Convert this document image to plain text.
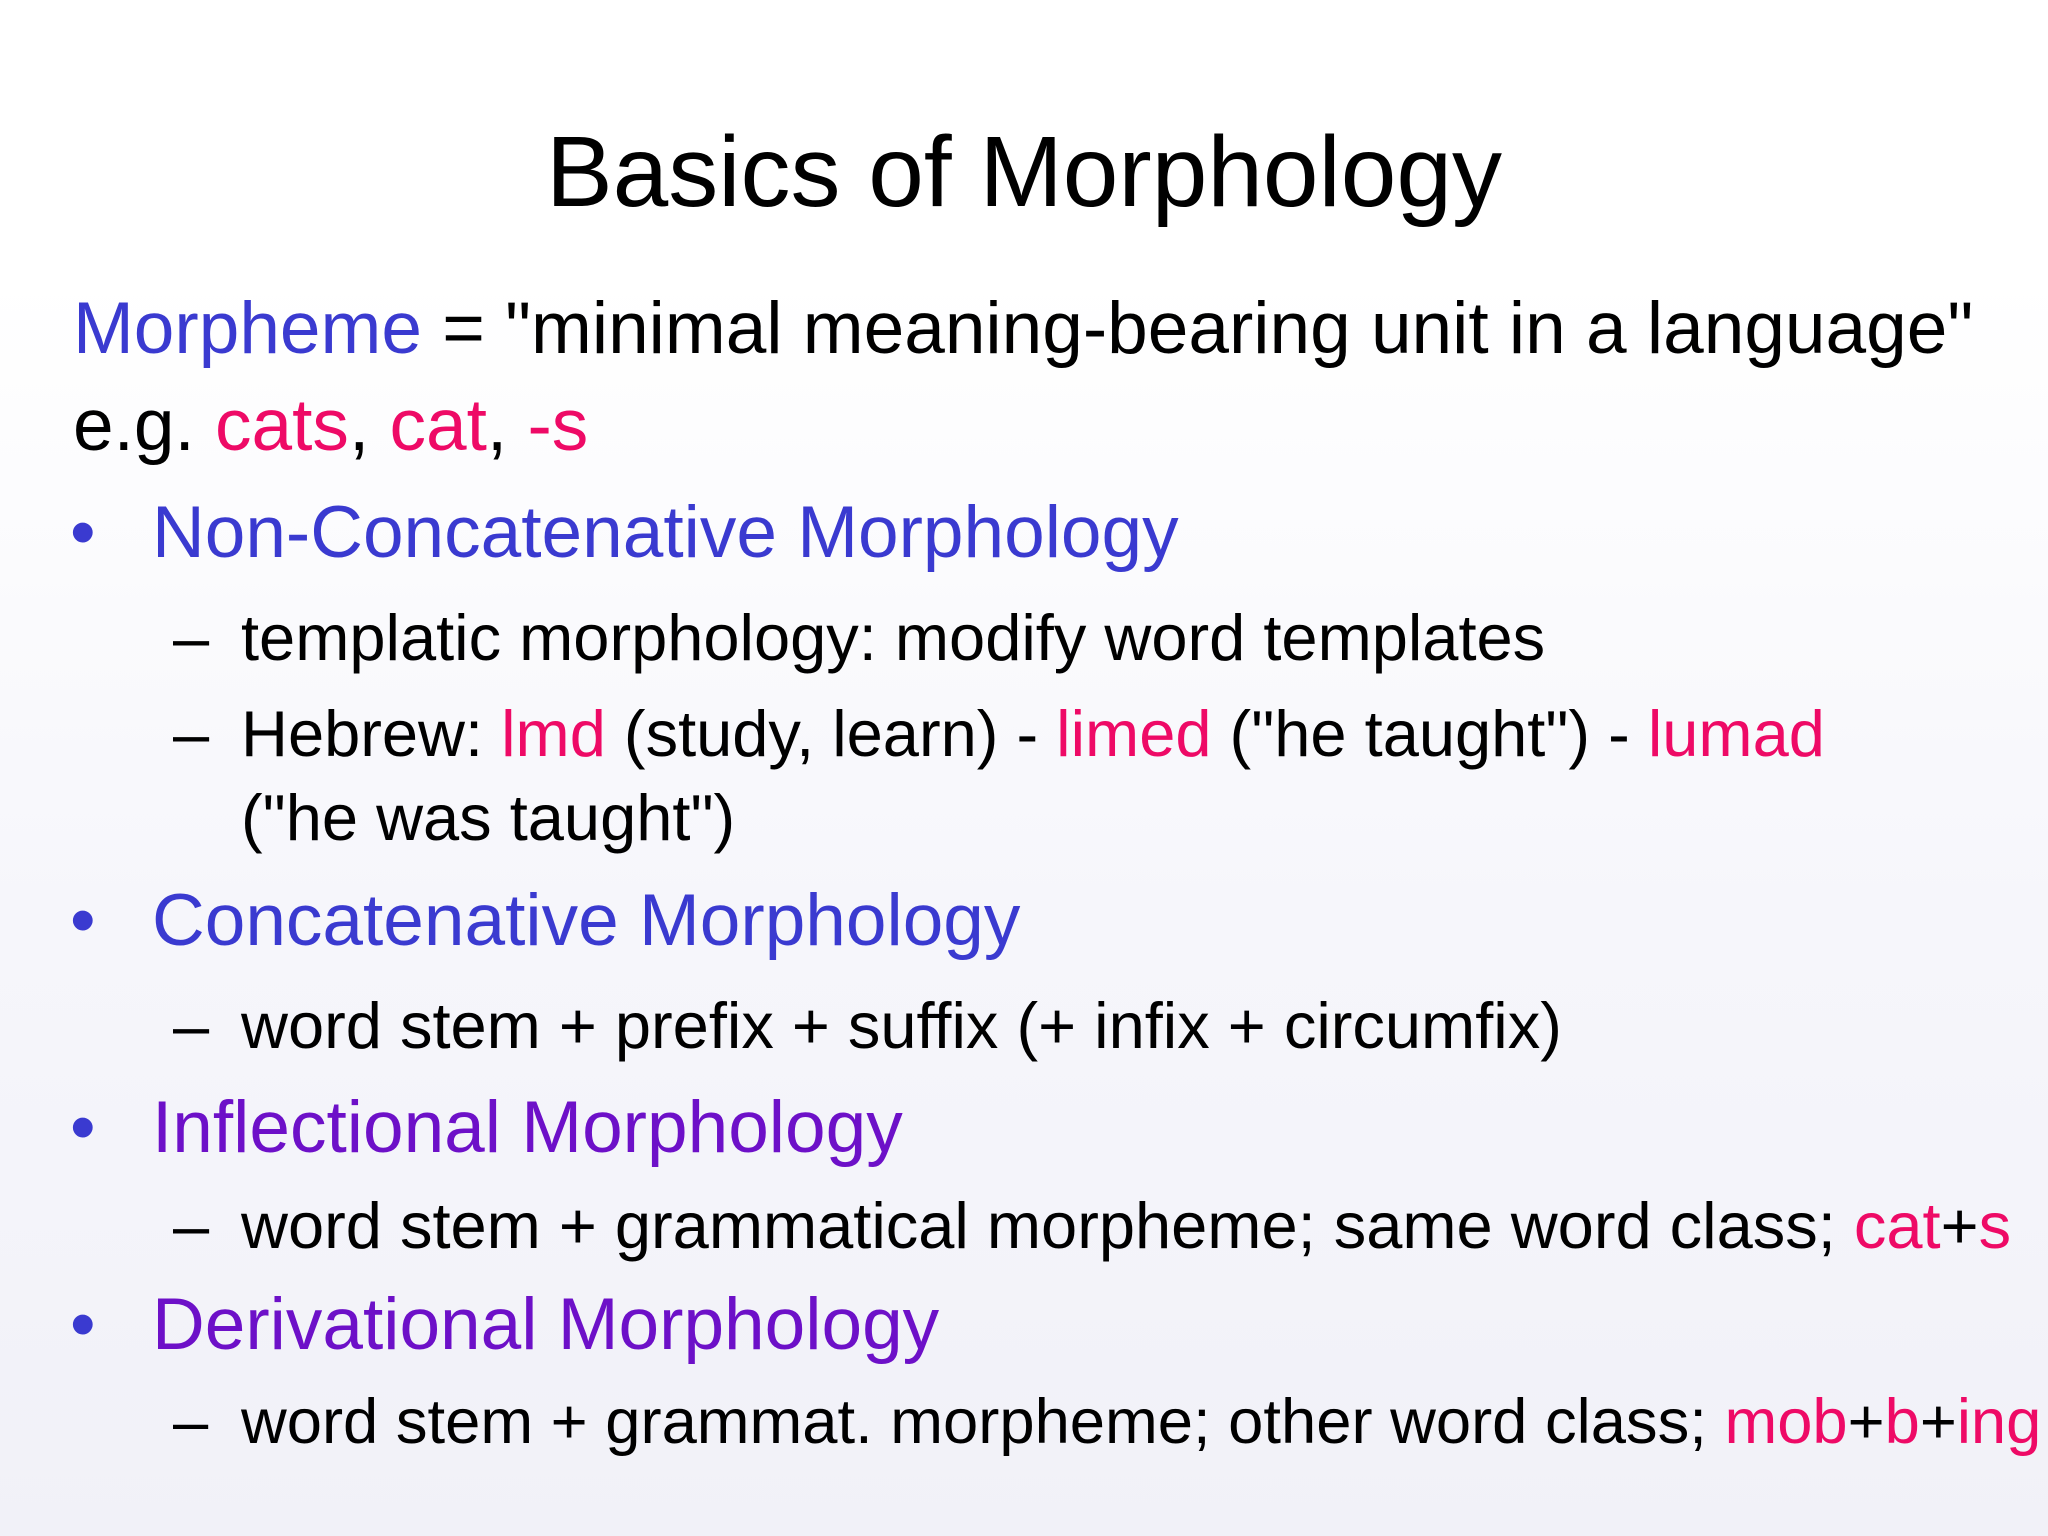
Basics of Morphology
Morpheme = "minimal meaning-bearing unit in a language"
e.g. cats, cat, -s
• Non-Concatenative Morphology
– templatic morphology: modify word templates
– Hebrew: lmd (study, learn) - limed ("he taught") - lumad
("he was taught")
• Concatenative Morphology
– word stem + prefix + suffix (+ infix + circumfix)
• Inflectional Morphology
– word stem + grammatical morpheme; same word class; cat+s
• Derivational Morphology
– word stem + grammat. morpheme; other word class; mob+b+ing
